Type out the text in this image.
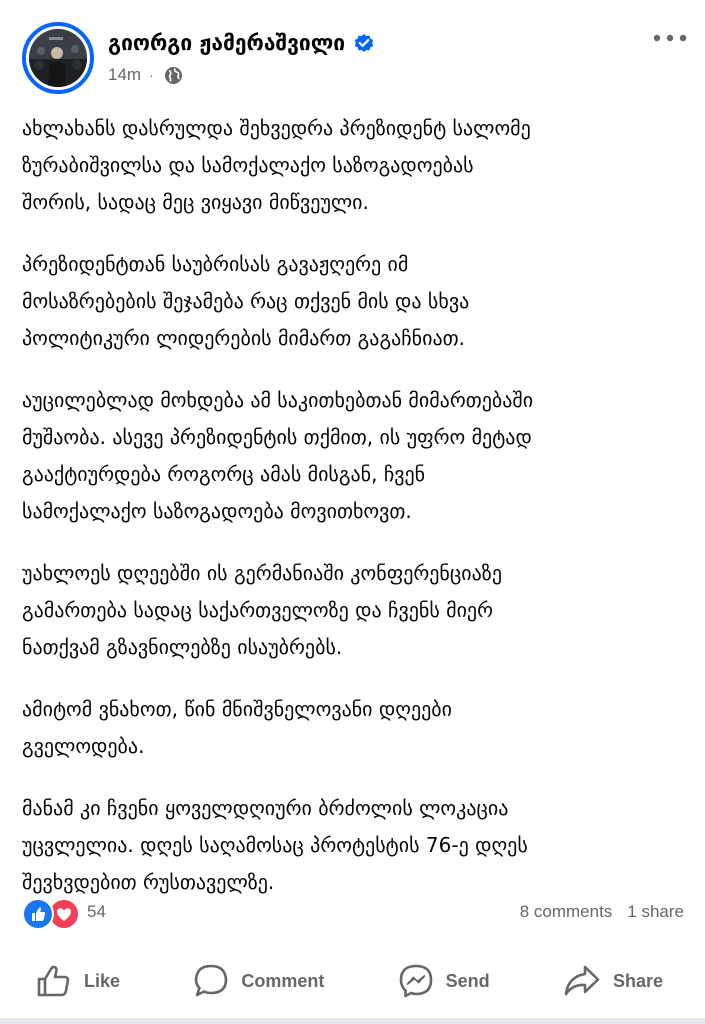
გიორგი ჟამერაშვილი
14m ·

ახლახანს დასრულდა შეხვედრა პრეზიდენტ სალომე
ზურაბიშვილსა და სამოქალაქო საზოგადოებას
შორის, სადაც მეც ვიყავი მიწვეული.

პრეზიდენტთან საუბრისას გავაჟღერე იმ
მოსაზრებების შეჯამება რაც თქვენ მის და სხვა
პოლიტიკური ლიდერების მიმართ გაგაჩნიათ.

აუცილებლად მოხდება ამ საკითხებთან მიმართებაში
მუშაობა. ასევე პრეზიდენტის თქმით, ის უფრო მეტად
გააქტიურდება როგორც ამას მისგან, ჩვენ
სამოქალაქო საზოგადოება მოვითხოვთ.

უახლოეს დღეებში ის გერმანიაში კონფერენციაზე
გამართება სადაც საქართველოზე და ჩვენს მიერ
ნათქვამ გზავნილებზე ისაუბრებს.

ამიტომ ვნახოთ, წინ მნიშვნელოვანი დღეები
გველოდება.

მანამ კი ჩვენი ყოველდღიური ბრძოლის ლოკაცია
უცვლელია. დღეს საღამოსაც პროტესტის 76-ე დღეს
შევხვდებით რუსთაველზე.

54	8 comments 1 share
Like	Comment	Send	Share
